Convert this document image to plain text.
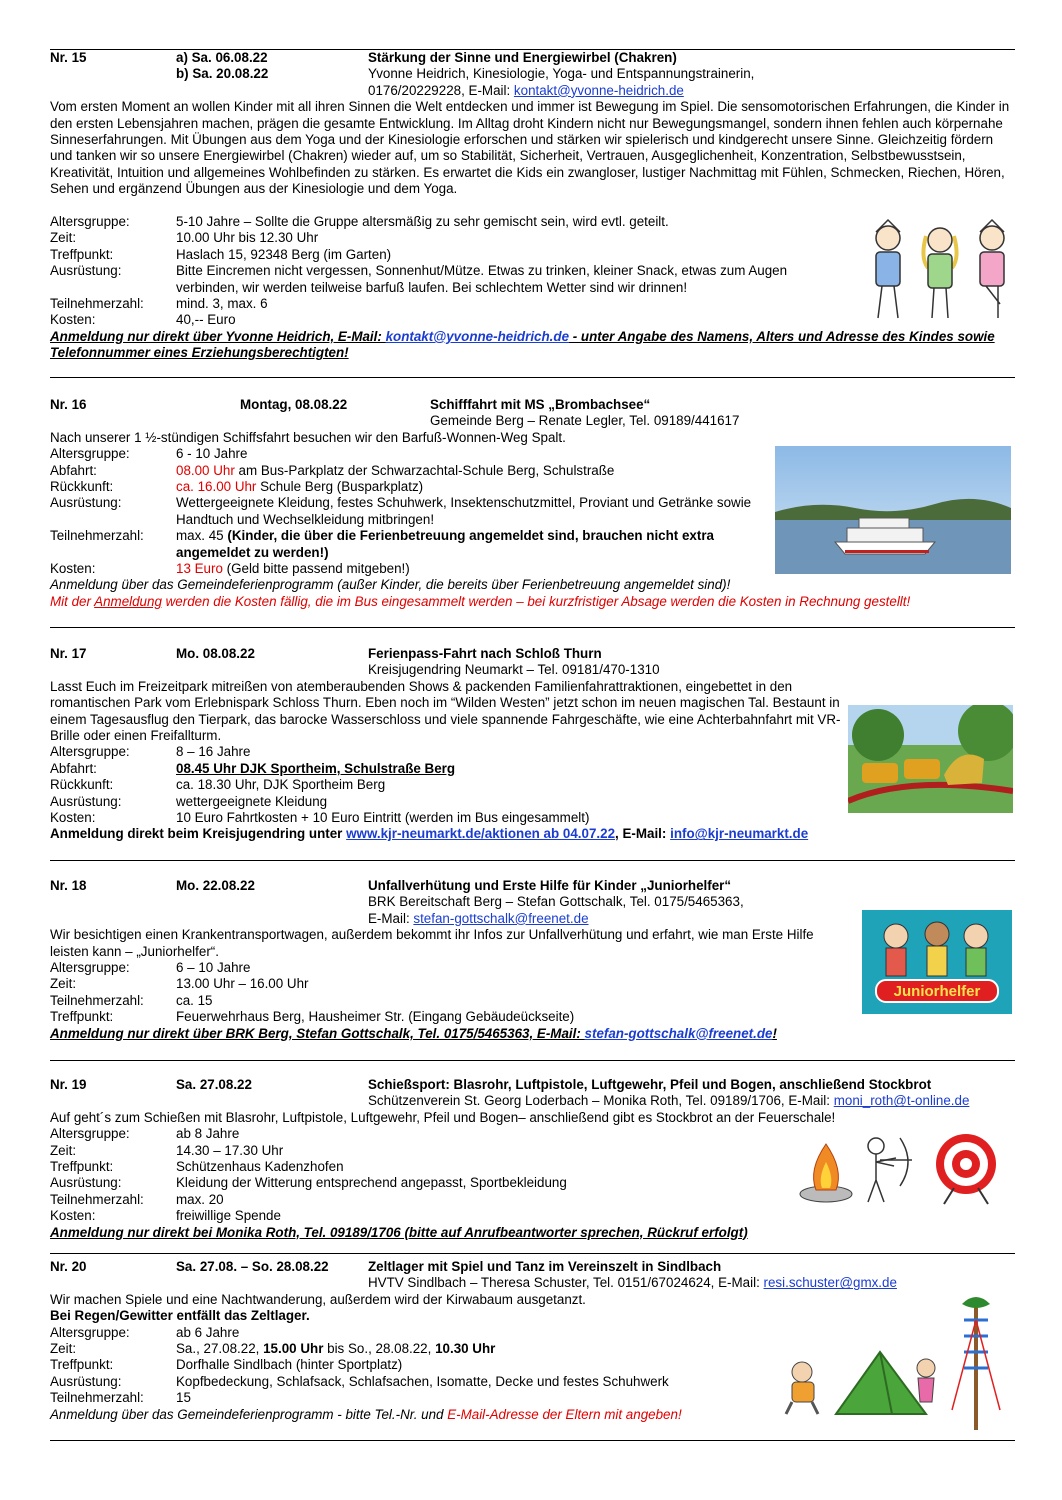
Nr. 15	a) Sa. 06.08.22	Stärkung der Sinne und Energiewirbel (Chakren)
b) Sa. 20.08.22	Yvonne Heidrich, Kinesiologie, Yoga- und Entspannungstrainerin,
0176/20229228, E-Mail: kontakt@yvonne-heidrich.de
Vom ersten Moment an wollen Kinder mit all ihren Sinnen die Welt entdecken und immer ist Bewegung im Spiel. Die sensomotorischen Erfahrungen, die Kinder in den ersten Lebensjahren machen, prägen die gesamte Entwicklung. Im Alltag droht Kindern nicht nur Bewegungsmangel, sondern ihnen fehlen auch körpernahe Sinneserfahrungen. Mit Übungen aus dem Yoga und der Kinesiologie erforschen und stärken wir spielerisch und kindgerecht unsere Sinne. Gleichzeitig fördern und tanken wir so unsere Energiewirbel (Chakren) wieder auf, um so Stabilität, Sicherheit, Vertrauen, Ausgeglichenheit, Konzentration, Selbstbewusstsein, Kreativität, Intuition und allgemeines Wohlbefinden zu stärken. Es erwartet die Kids ein zwangloser, lustiger Nachmittag mit Fühlen, Schmecken, Riechen, Hören, Sehen und ergänzend Übungen aus der Kinesiologie und dem Yoga.
Altersgruppe:	5-10 Jahre – Sollte die Gruppe altersmäßig zu sehr gemischt sein, wird evtl. geteilt.
Zeit:	10.00 Uhr bis 12.30 Uhr
Treffpunkt:	Haslach 15, 92348 Berg (im Garten)
Ausrüstung:	Bitte Eincremen nicht vergessen, Sonnenhut/Mütze. Etwas zu trinken, kleiner Snack, etwas zum Augen verbinden, wir werden teilweise barfuß laufen. Bei schlechtem Wetter sind wir drinnen!
Teilnehmerzahl: mind. 3, max. 6
Kosten:	40,-- Euro
Anmeldung nur direkt über Yvonne Heidrich, E-Mail: kontakt@yvonne-heidrich.de - unter Angabe des Namens, Alters und Adresse des Kindes sowie Telefonnummer eines Erziehungsberechtigten!
Nr. 16	Montag, 08.08.22	Schifffahrt mit MS „Brombachsee“
Gemeinde Berg – Renate Legler, Tel. 09189/441617
Nach unserer 1 ½-stündigen Schiffsfahrt besuchen wir den Barfuß-Wonnen-Weg Spalt.
Altersgruppe:	6 - 10 Jahre
Abfahrt:	08.00 Uhr am Bus-Parkplatz der Schwarzachtal-Schule Berg, Schulstraße
Rückkunft:	ca. 16.00 Uhr Schule Berg (Busparkplatz)
Ausrüstung:	Wettergeeignete Kleidung, festes Schuhwerk, Insektenschutzmittel, Proviant und Getränke sowie Handtuch und Wechselkleidung mitbringen!
Teilnehmerzahl: max. 45 (Kinder, die über die Ferienbetreuung angemeldet sind, brauchen nicht extra angemeldet zu werden!)
Kosten:	13 Euro (Geld bitte passend mitgeben!)
Anmeldung über das Gemeindeferienprogramm (außer Kinder, die bereits über Ferienbetreuung angemeldet sind)!
Mit der Anmeldung werden die Kosten fällig, die im Bus eingesammelt werden – bei kurzfristiger Absage werden die Kosten in Rechnung gestellt!
Nr. 17	Mo. 08.08.22	Ferienpass-Fahrt nach Schloß Thurn
Kreisjugendring Neumarkt – Tel. 09181/470-1310
Lasst Euch im Freizeitpark mitreißen von atemberaubenden Shows & packenden Familienfahrattraktionen, eingebettet in den romantischen Park vom Erlebnispark Schloss Thurn. Eben noch im “Wilden Westen” jetzt schon im neuen magischen Tal. Bestaunt in einem Tagesausflug den Tierpark, das barocke Wasserschloss und viele spannende Fahrgeschäfte, wie eine Achterbahnfahrt mit VR-Brille oder einen Freifallturm.
Altersgruppe:	8 – 16 Jahre
Abfahrt:	08.45 Uhr DJK Sportheim, Schulstraße Berg
Rückkunft:	ca. 18.30 Uhr, DJK Sportheim Berg
Ausrüstung:	wettergeeignete Kleidung
Kosten:	10 Euro Fahrtkosten + 10 Euro Eintritt (werden im Bus eingesammelt)
Anmeldung direkt beim Kreisjugendring unter www.kjr-neumarkt.de/aktionen ab 04.07.22, E-Mail: info@kjr-neumarkt.de
Nr. 18	Mo. 22.08.22	Unfallverhütung und Erste Hilfe für Kinder „Juniorhelfer“
BRK Bereitschaft Berg – Stefan Gottschalk, Tel. 0175/5465363,
E-Mail: stefan-gottschalk@freenet.de
Wir besichtigen einen Krankentransportwagen, außerdem bekommt ihr Infos zur Unfallverhütung und erfahrt, wie man Erste Hilfe leisten kann – „Juniorhelfer“.
Altersgruppe:	6 – 10 Jahre
Zeit:	13.00 Uhr – 16.00 Uhr
Teilnehmerzahl: ca. 15
Treffpunkt:	Feuerwehrhaus Berg, Hausheimer Str. (Eingang Gebäudeückseite)
Anmeldung nur direkt über BRK Berg, Stefan Gottschalk, Tel. 0175/5465363, E-Mail: stefan-gottschalk@freenet.de!
Juniorhelfer
Nr. 19	Sa. 27.08.22	Schießsport: Blasrohr, Luftpistole, Luftgewehr, Pfeil und Bogen, anschließend Stockbrot
Schützenverein St. Georg Loderbach – Monika Roth, Tel. 09189/1706, E-Mail: moni_roth@t-online.de
Auf geht´s zum Schießen mit Blasrohr, Luftpistole, Luftgewehr, Pfeil und Bogen– anschließend gibt es Stockbrot an der Feuerschale!
Altersgruppe:	ab 8 Jahre
Zeit:	14.30 – 17.30 Uhr
Treffpunkt:	Schützenhaus Kadenzhofen
Ausrüstung:	Kleidung der Witterung entsprechend angepasst, Sportbekleidung
Teilnehmerzahl: max. 20
Kosten:	freiwillige Spende
Anmeldung nur direkt bei Monika Roth, Tel. 09189/1706 (bitte auf Anrufbeantworter sprechen, Rückruf erfolgt)
Nr. 20	Sa. 27.08. – So. 28.08.22	Zeltlager mit Spiel und Tanz im Vereinszelt in Sindlbach
HVTV Sindlbach – Theresa Schuster, Tel. 0151/67024624, E-Mail: resi.schuster@gmx.de
Wir machen Spiele und eine Nachtwanderung, außerdem wird der Kirwabaum ausgetanzt.
Bei Regen/Gewitter entfällt das Zeltlager.
Altersgruppe:	ab 6 Jahre
Zeit:	Sa., 27.08.22, 15.00 Uhr bis So., 28.08.22, 10.30 Uhr
Treffpunkt:	Dorfhalle Sindlbach (hinter Sportplatz)
Ausrüstung:	Kopfbedeckung, Schlafsack, Schlafsachen, Isomatte, Decke und festes Schuhwerk
Teilnehmerzahl: 15
Anmeldung über das Gemeindeferienprogramm - bitte Tel.-Nr. und E-Mail-Adresse der Eltern mit angeben!
